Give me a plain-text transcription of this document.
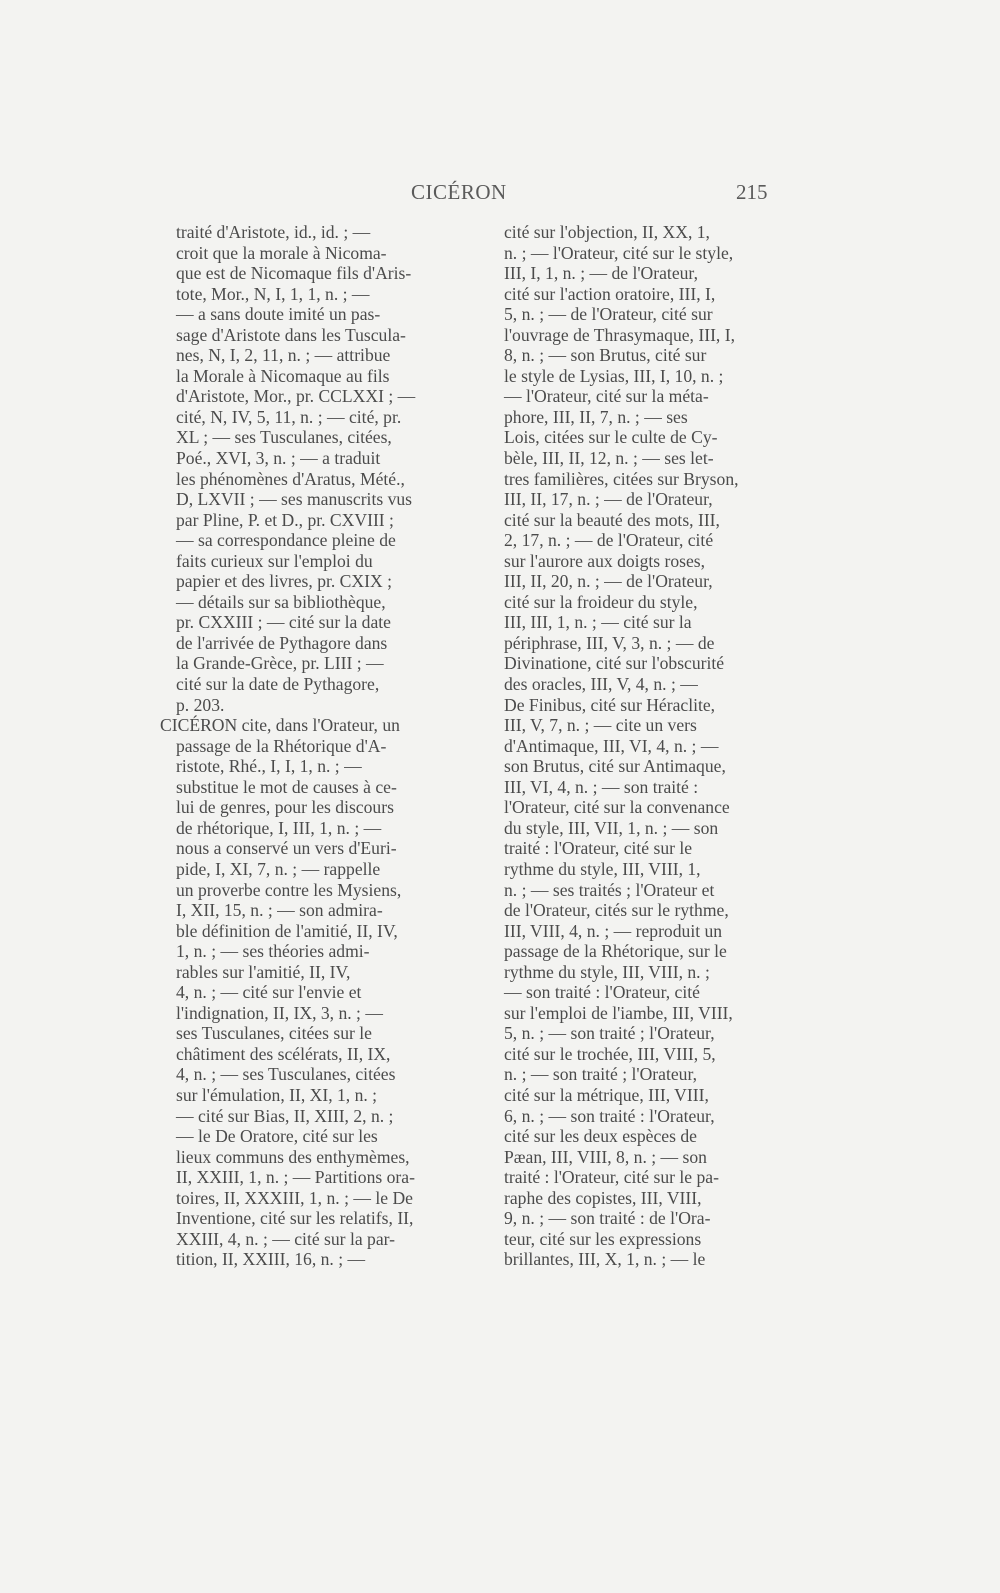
CICÉRON	215
traité d'Aristote, id., id. ; —
croit que la morale à Nicoma-
que est de Nicomaque fils d'Aris-
tote, Mor., N, I, 1, 1, n. ; —
— a sans doute imité un pas-
sage d'Aristote dans les Tuscula-
nes, N, I, 2, 11, n. ; — attribue
la Morale à Nicomaque au fils
d'Aristote, Mor., pr. CCLXXI ; —
cité, N, IV, 5, 11, n. ; — cité, pr.
XL ; — ses Tusculanes, citées,
Poé., XVI, 3, n. ; — a traduit
les phénomènes d'Aratus, Mété.,
D, LXVII ; — ses manuscrits vus
par Pline, P. et D., pr. CXVIII ;
— sa correspondance pleine de
faits curieux sur l'emploi du
papier et des livres, pr. CXIX ;
— détails sur sa bibliothèque,
pr. CXXIII ; — cité sur la date
de l'arrivée de Pythagore dans
la Grande-Grèce, pr. LIII ; —
cité sur la date de Pythagore,
p. 203.
CICÉRON cite, dans l'Orateur, un
passage de la Rhétorique d'A-
ristote, Rhé., I, I, 1, n. ; —
substitue le mot de causes à ce-
lui de genres, pour les discours
de rhétorique, I, III, 1, n. ; —
nous a conservé un vers d'Euri-
pide, I, XI, 7, n. ; — rappelle
un proverbe contre les Mysiens,
I, XII, 15, n. ; — son admira-
ble définition de l'amitié, II, IV,
1, n. ; — ses théories admi-
rables sur l'amitié, II, IV,
4, n. ; — cité sur l'envie et
l'indignation, II, IX, 3, n. ; —
ses Tusculanes, citées sur le
châtiment des scélérats, II, IX,
4, n. ; — ses Tusculanes, citées
sur l'émulation, II, XI, 1, n. ;
— cité sur Bias, II, XIII, 2, n. ;
— le De Oratore, cité sur les
lieux communs des enthymèmes,
II, XXIII, 1, n. ; — Partitions ora-
toires, II, XXXIII, 1, n. ; — le De
Inventione, cité sur les relatifs, II,
XXIII, 4, n. ; — cité sur la par-
tition, II, XXIII, 16, n. ; —
cité sur l'objection, II, XX, 1,
n. ; — l'Orateur, cité sur le style,
III, I, 1, n. ; — de l'Orateur,
cité sur l'action oratoire, III, I,
5, n. ; — de l'Orateur, cité sur
l'ouvrage de Thrasymaque, III, I,
8, n. ; — son Brutus, cité sur
le style de Lysias, III, I, 10, n. ;
— l'Orateur, cité sur la méta-
phore, III, II, 7, n. ; — ses
Lois, citées sur le culte de Cy-
bèle, III, II, 12, n. ; — ses let-
tres familières, citées sur Bryson,
III, II, 17, n. ; — de l'Orateur,
cité sur la beauté des mots, III,
2, 17, n. ; — de l'Orateur, cité
sur l'aurore aux doigts roses,
III, II, 20, n. ; — de l'Orateur,
cité sur la froideur du style,
III, III, 1, n. ; — cité sur la
périphrase, III, V, 3, n. ; — de
Divinatione, cité sur l'obscurité
des oracles, III, V, 4, n. ; —
De Finibus, cité sur Héraclite,
III, V, 7, n. ; — cite un vers
d'Antimaque, III, VI, 4, n. ; —
son Brutus, cité sur Antimaque,
III, VI, 4, n. ; — son traité :
l'Orateur, cité sur la convenance
du style, III, VII, 1, n. ; — son
traité : l'Orateur, cité sur le
rythme du style, III, VIII, 1,
n. ; — ses traités ; l'Orateur et
de l'Orateur, cités sur le rythme,
III, VIII, 4, n. ; — reproduit un
passage de la Rhétorique, sur le
rythme du style, III, VIII, n. ;
— son traité : l'Orateur, cité
sur l'emploi de l'iambe, III, VIII,
5, n. ; — son traité ; l'Orateur,
cité sur le trochée, III, VIII, 5,
n. ; — son traité ; l'Orateur,
cité sur la métrique, III, VIII,
6, n. ; — son traité : l'Orateur,
cité sur les deux espèces de
Pæan, III, VIII, 8, n. ; — son
traité : l'Orateur, cité sur le pa-
raphe des copistes, III, VIII,
9, n. ; — son traité : de l'Ora-
teur, cité sur les expressions
brillantes, III, X, 1, n. ; — le
